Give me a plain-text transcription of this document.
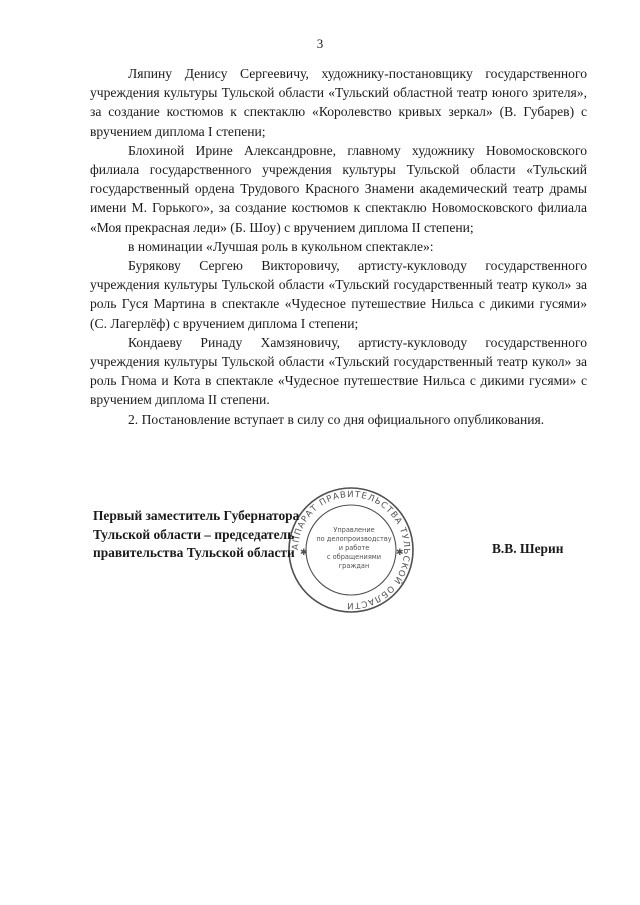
3

Ляпину Денису Сергеевичу, художнику-постановщику государственного учреждения культуры Тульской области «Тульский областной театр юного зрителя», за создание костюмов к спектаклю «Королевство кривых зеркал» (В. Губарев) с вручением диплома I степени;

Блохиной Ирине Александровне, главному художнику Новомосковского филиала государственного учреждения культуры Тульской области «Тульский государственный ордена Трудового Красного Знамени академический театр драмы имени М. Горького», за создание костюмов к спектаклю Новомосковского филиала «Моя прекрасная леди» (Б. Шоу) с вручением диплома II степени;

в номинации «Лучшая роль в кукольном спектакле»:

Бурякову Сергею Викторовичу, артисту-кукловоду государственного учреждения культуры Тульской области «Тульский государственный театр кукол» за роль Гуся Мартина в спектакле «Чудесное путешествие Нильса с дикими гусями» (С. Лагерлёф) с вручением диплома I степени;

Кондаеву Ринаду Хамзяновичу, артисту-кукловоду государственного учреждения культуры Тульской области «Тульский государственный театр кукол» за роль Гнома и Кота в спектакле «Чудесное путешествие Нильса с дикими гусями» с вручением диплома II степени.

2. Постановление вступает в силу со дня официального опубликования.

АППАРАТ ПРАВИТЕЛЬСТВА ТУЛЬСКОЙ ОБЛАСТИ
✱	✱
Управление
по делопроизводству
и работе
с обращениями
граждан
Первый заместитель Губернатора
Тульской области – председатель
правительства Тульской области	В.В. Шерин
